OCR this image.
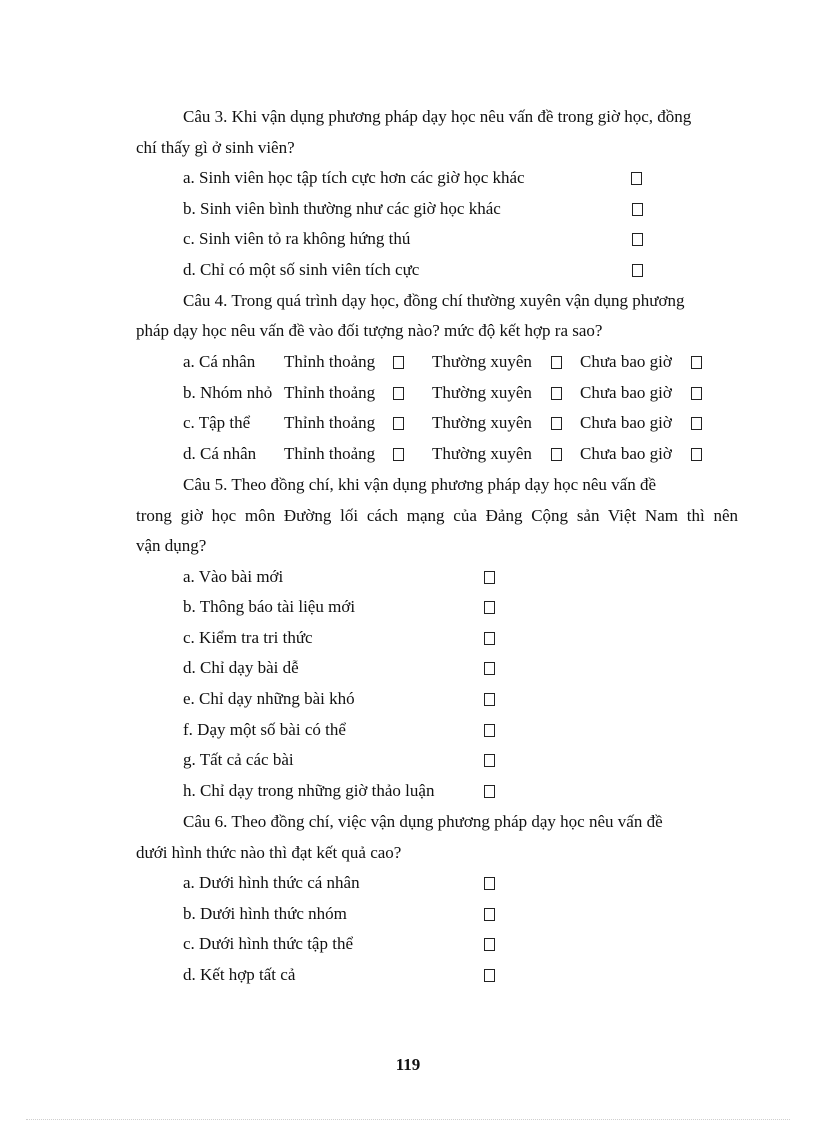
Câu 3. Khi vận dụng phương pháp dạy học nêu vấn đề trong giờ học, đồng
chí thấy gì ở sinh viên?
a. Sinh viên học tập tích cực hơn các giờ học khác
b. Sinh viên bình thường như các giờ học khác
c. Sinh viên tỏ ra không hứng thú
d. Chỉ có một số sinh viên tích cực
Câu 4. Trong quá trình dạy học, đồng chí thường xuyên vận dụng phương
pháp dạy học nêu vấn đề vào đối tượng nào? mức độ kết hợp ra sao?
a. Cá nhân Thỉnh thoảng	Thường xuyên	Chưa bao giờ
b. Nhóm nhỏ Thỉnh thoảng	Thường xuyên	Chưa bao giờ
c. Tập thể Thỉnh thoảng	Thường xuyên	Chưa bao giờ
d. Cá nhân Thỉnh thoảng	Thường xuyên	Chưa bao giờ
Câu 5. Theo đồng chí, khi vận dụng phương pháp dạy học nêu vấn đề
trong giờ học môn Đường lối cách mạng của Đảng Cộng sản Việt Nam thì nên
vận dụng?
a. Vào bài mới
b. Thông báo tài liệu mới
c. Kiểm tra tri thức
d. Chỉ dạy bài dễ
e. Chỉ dạy những bài khó
f. Dạy một số bài có thể
g. Tất cả các bài
h. Chỉ dạy trong những giờ thảo luận
Câu 6. Theo đồng chí, việc vận dụng phương pháp dạy học nêu vấn đề
dưới hình thức nào thì đạt kết quả cao?
a. Dưới hình thức cá nhân
b. Dưới hình thức nhóm
c. Dưới hình thức tập thể
d. Kết hợp tất cả
119
